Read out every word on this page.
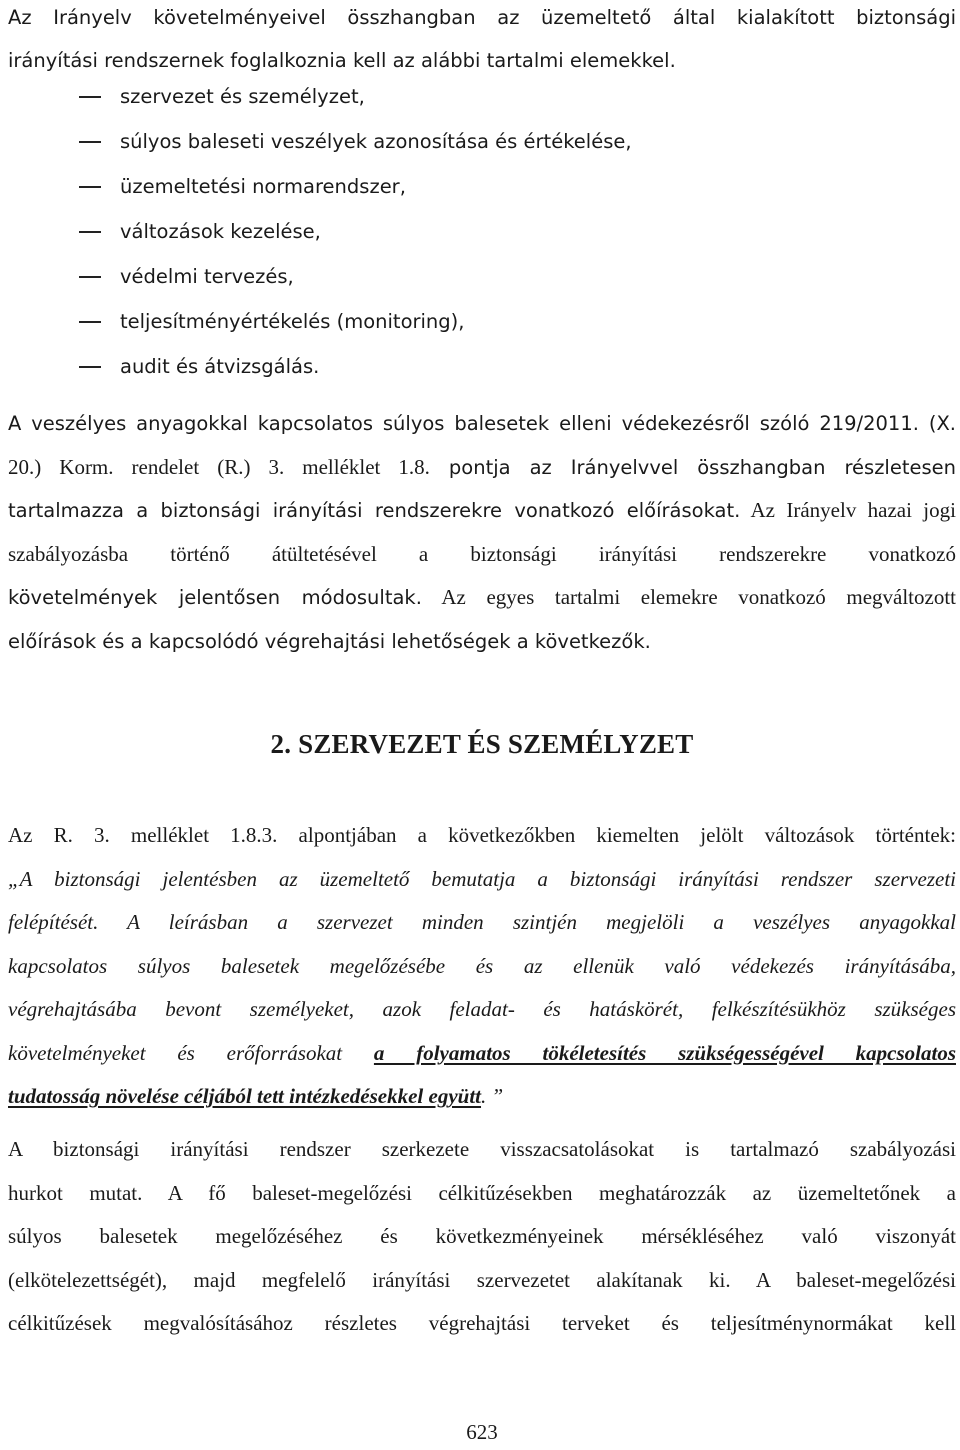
Az Irányelv követelményeivel összhangban az üzemeltető által kialakított biztonsági
irányítási rendszernek foglalkoznia kell az alábbi tartalmi elemekkel.
szervezet és személyzet,
súlyos baleseti veszélyek azonosítása és értékelése,
üzemeltetési normarendszer,
változások kezelése,
védelmi tervezés,
teljesítményértékelés (monitoring),
audit és átvizsgálás.
A veszélyes anyagokkal kapcsolatos súlyos balesetek elleni védekezésről szóló 219/2011. (X.
20.) Korm. rendelet (R.) 3. melléklet 1.8. pontja az Irányelvvel összhangban részletesen
tartalmazza a biztonsági irányítási rendszerekre vonatkozó előírásokat. Az Irányelv hazai jogi
szabályozásba történő átültetésével a biztonsági irányítási rendszerekre vonatkozó
követelmények jelentősen módosultak. Az egyes tartalmi elemekre vonatkozó megváltozott
előírások és a kapcsolódó végrehajtási lehetőségek a következők.
2. SZERVEZET ÉS SZEMÉLYZET
Az R. 3. melléklet 1.8.3. alpontjában a következőkben kiemelten jelölt változások történtek:
„A biztonsági jelentésben az üzemeltető bemutatja a biztonsági irányítási rendszer szervezeti
felépítését. A leírásban a szervezet minden szintjén megjelöli a veszélyes anyagokkal
kapcsolatos súlyos balesetek megelőzésébe és az ellenük való védekezés irányításába,
végrehajtásába bevont személyeket, azok feladat- és hatáskörét, felkészítésükhöz szükséges
követelményeket és erőforrásokat a folyamatos tökéletesítés szükségességével kapcsolatos
tudatosság növelése céljából tett intézkedésekkel együtt. ”
A biztonsági irányítási rendszer szerkezete visszacsatolásokat is tartalmazó szabályozási
hurkot mutat. A fő baleset-megelőzési célkitűzésekben meghatározzák az üzemeltetőnek a
súlyos balesetek megelőzéséhez és következményeinek mérsékléséhez való viszonyát
(elkötelezettségét), majd megfelelő irányítási szervezetet alakítanak ki. A baleset-megelőzési
célkitűzések megvalósításához részletes végrehajtási terveket és teljesítménynormákat kell
623
